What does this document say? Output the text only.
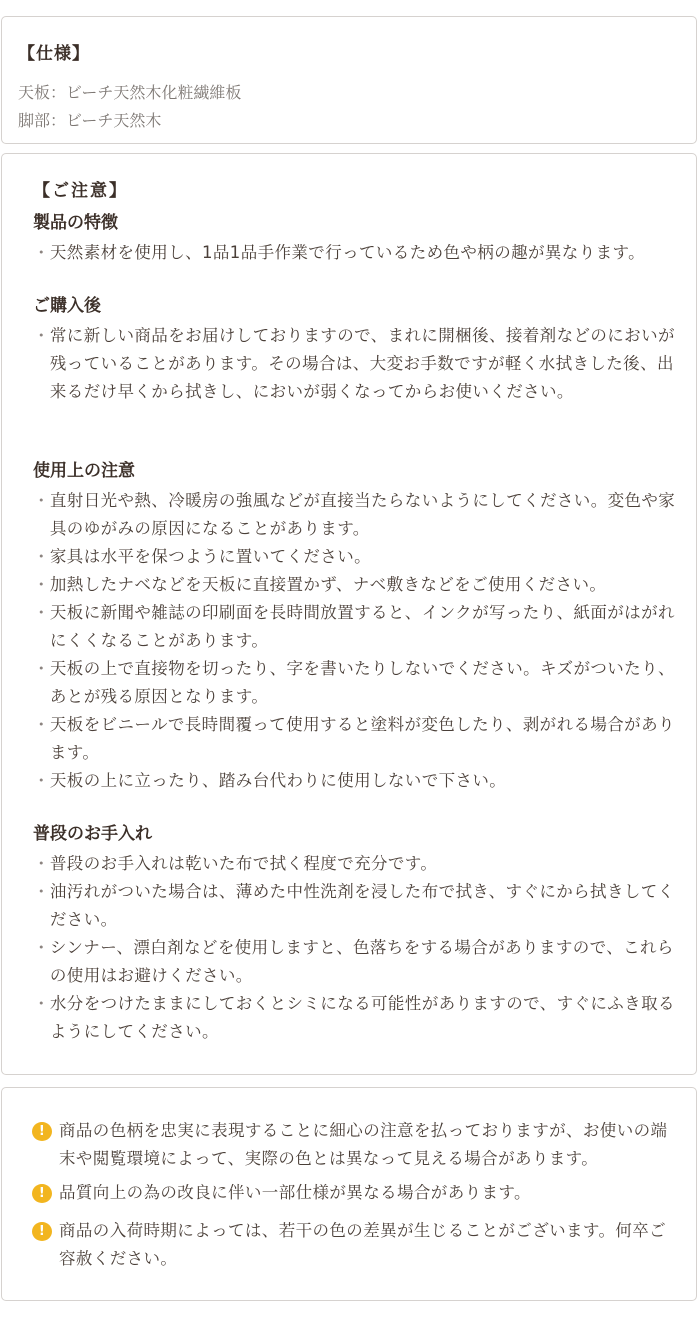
【仕様】
天板：ビーチ天然木化粧繊維板
脚部：ビーチ天然木
【ご注意】
製品の特徴
・ 天然素材を使用し、1品1品手作業で行っているため色や柄の趣が異なります。
ご購入後
・ 常に新しい商品をお届けしておりますので、まれに開梱後、接着剤などのにおいが残っていることがあります。その場合は、大変お手数ですが軽く水拭きした後、出来るだけ早くから拭きし、においが弱くなってからお使いください。
使用上の注意
・ 直射日光や熱、冷暖房の強風などが直接当たらないようにしてください。変色や家具のゆがみの原因になることがあります。
・ 家具は水平を保つように置いてください。
・ 加熱したナベなどを天板に直接置かず、ナベ敷きなどをご使用ください。
・ 天板に新聞や雑誌の印刷面を長時間放置すると、インクが写ったり、紙面がはがれにくくなることがあります。
・ 天板の上で直接物を切ったり、字を書いたりしないでください。キズがついたり、あとが残る原因となります。
・ 天板をビニールで長時間覆って使用すると塗料が変色したり、剥がれる場合があります。
・ 天板の上に立ったり、踏み台代わりに使用しないで下さい。
普段のお手入れ
・ 普段のお手入れは乾いた布で拭く程度で充分です。
・ 油汚れがついた場合は、薄めた中性洗剤を浸した布で拭き、すぐにから拭きしてください。
・ シンナー、漂白剤などを使用しますと、色落ちをする場合がありますので、これらの使用はお避けください。
・ 水分をつけたままにしておくとシミになる可能性がありますので、すぐにふき取るようにしてください。
! 商品の色柄を忠実に表現することに細心の注意を払っておりますが、お使いの端末や閲覧環境によって、実際の色とは異なって見える場合があります。
! 品質向上の為の改良に伴い一部仕様が異なる場合があります。
! 商品の入荷時期によっては、若干の色の差異が生じることがございます。何卒ご容赦ください。
